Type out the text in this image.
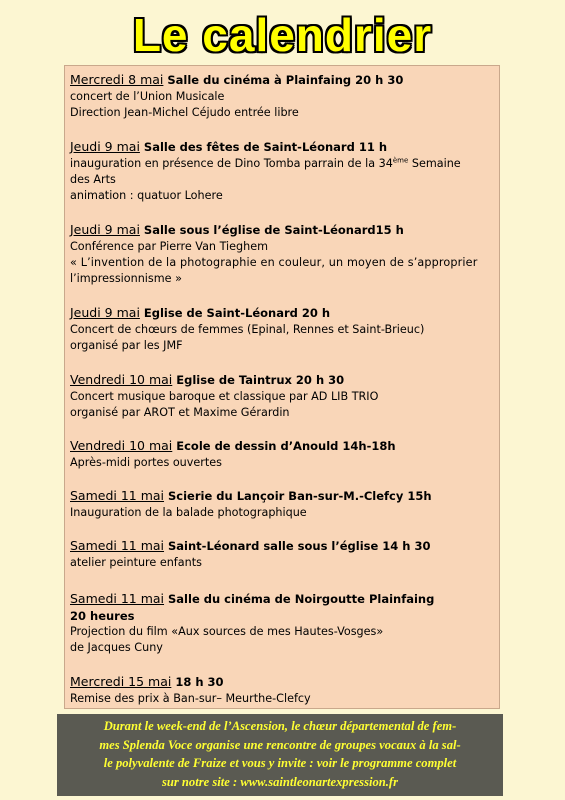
Le calendrier
Mercredi 8 mai Salle du cinéma à Plainfaing 20 h 30
concert de l’Union Musicale
Direction Jean-Michel Céjudo entrée libre
Jeudi 9 mai Salle des fêtes de Saint-Léonard 11 h
inauguration en présence de Dino Tomba parrain de la 34ème Semaine
des Arts
animation : quatuor Lohere
Jeudi 9 mai Salle sous l’église de Saint-Léonard15 h
Conférence par Pierre Van Tieghem
« L’invention de la photographie en couleur, un moyen de s’approprier
l’impressionnisme »
Jeudi 9 mai Eglise de Saint-Léonard 20 h
Concert de chœurs de femmes (Epinal, Rennes et Saint-Brieuc)
organisé par les JMF
Vendredi 10 mai Eglise de Taintrux 20 h 30
Concert musique baroque et classique par AD LIB TRIO
organisé par AROT et Maxime Gérardin
Vendredi 10 mai Ecole de dessin d’Anould 14h-18h
Après-midi portes ouvertes
Samedi 11 mai Scierie du Lançoir Ban-sur-M.-Clefcy 15h
Inauguration de la balade photographique
Samedi 11 mai Saint-Léonard salle sous l’église 14 h 30
atelier peinture enfants
Samedi 11 mai Salle du cinéma de Noirgoutte Plainfaing
20 heures
Projection du film «Aux sources de mes Hautes-Vosges»
de Jacques Cuny
Mercredi 15 mai 18 h 30
Remise des prix à Ban-sur– Meurthe-Clefcy
Durant le week-end de l’Ascension, le chœur départemental de fem-
mes Splenda Voce organise une rencontre de groupes vocaux à la sal-
le polyvalente de Fraize et vous y invite : voir le programme complet
sur notre site : www.saintleonartexpression.fr
